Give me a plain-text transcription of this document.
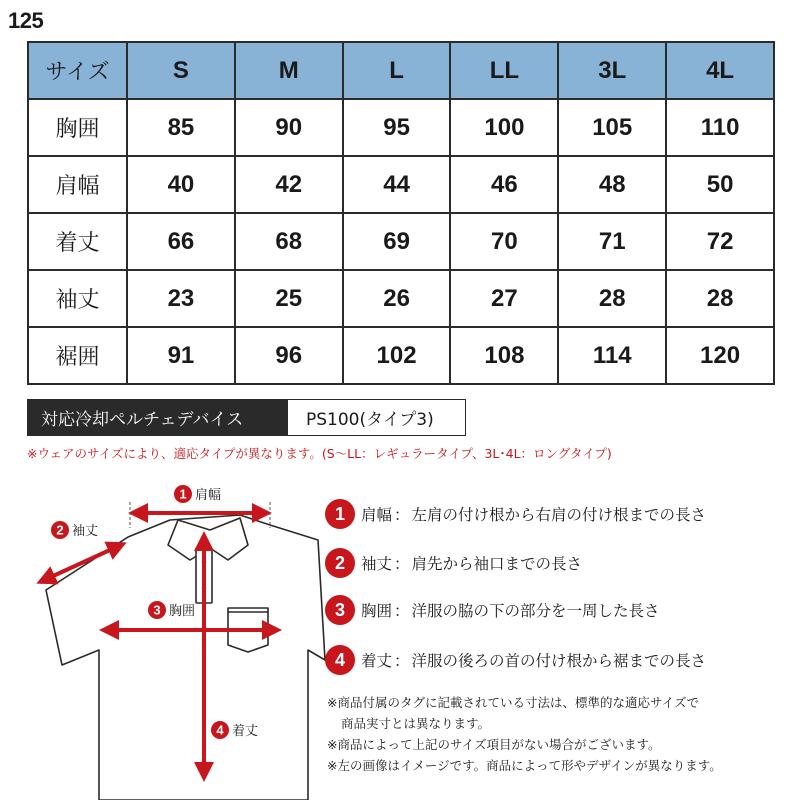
125
サイズ	S	M	L	LL	3L	4L
胸囲	85	90	95	100	105	110
肩幅	40	42	44	46	48	50
着丈	66	68	69	70	71	72
袖丈	23	25	26	27	28	28
裾囲	91	96	102	108	114	120
対応冷却ペルチェデバイス	PS100(タイプ3)
※ウェアのサイズにより、適応タイプが異なります。(S〜LL：レギュラータイプ、3L･4L：ロングタイプ)
1 肩幅
2 袖丈
3 胸囲
4 着丈
1	肩幅 ： 左肩の付け根から右肩の付け根までの長さ
2	袖丈 ： 肩先から袖口までの長さ
3	胸囲 ： 洋服の脇の下の部分を一周した長さ
4	着丈 ： 洋服の後ろの首の付け根から裾までの長さ
※商品付属のタグに記載されている寸法は、標準的な適応サイズで
商品実寸とは異なります。
※商品によって上記のサイズ項目がない場合がございます。
※左の画像はイメージです。商品によって形やデザインが異なります。
